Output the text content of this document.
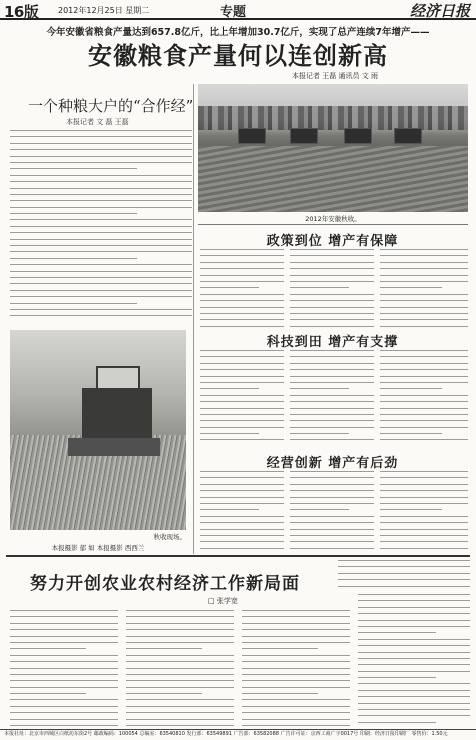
16版 2012年12月25日 星期二	专题	经济日报
今年安徽省粮食产量达到657.8亿斤，比上年增加30.7亿斤，实现了总产连续7年增产——
安徽粮食产量何以连创新高
本报记者 王磊 通讯员 文 雨
一个种粮大户的“合作经”
本报记者 文 磊 王磊
2012年安徽秋收。
政策到位 增产有保障
科技到田 增产有支撑
经营创新 增产有后劲
秋收现场。
本报摄影 郁 如 本报摄影 西西兰
努力开创农业农村经济工作新局面
□ 张学宽
本报社址：北京市西城区白纸坊东街2号 邮政编码：100054 总编室：63540810 发行部：63549891 广告部：63582088 广告许可证：京西工商广字0017号 印刷：经济日报印刷厂 零售价：1.50元
